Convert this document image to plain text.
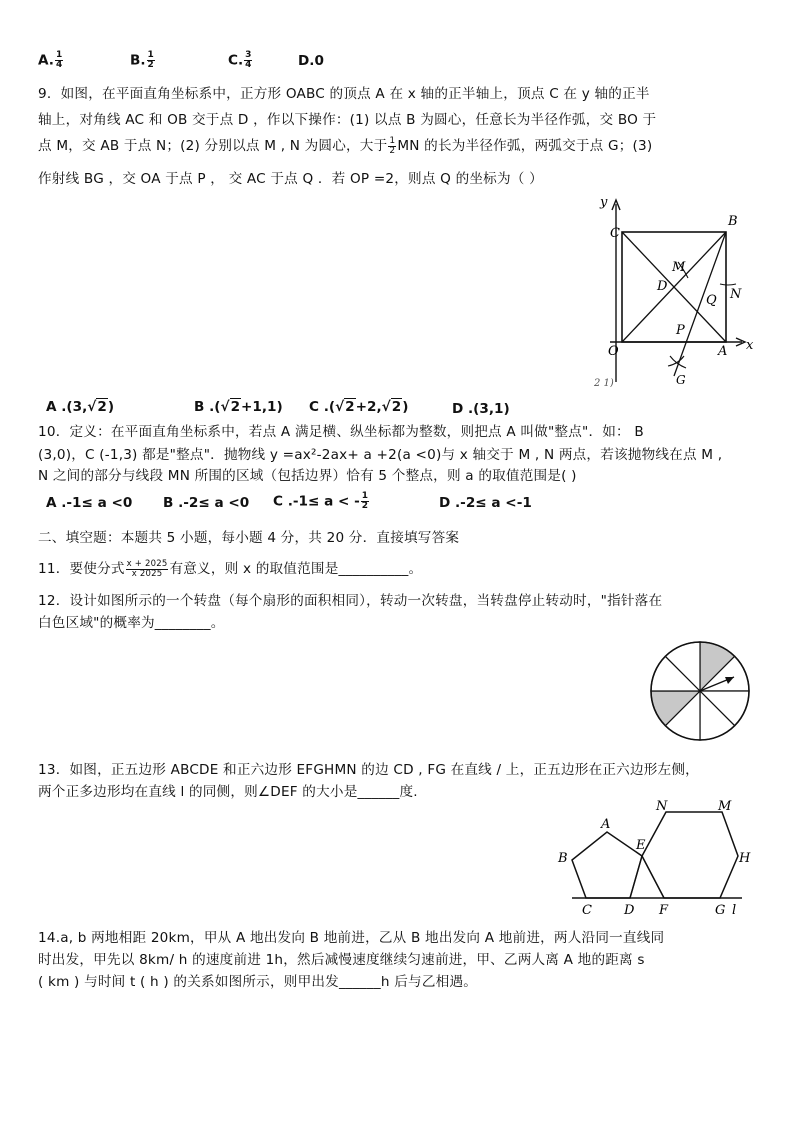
A. $\frac{1}{4}$	B. $\frac{1}{2}$	C. $\frac{3}{4}$	D.0
9．如图，在平面直角坐标系中，正方形 OABC 的顶点 A 在 x 轴的正半轴上，顶点 C 在 y 轴的正半
轴上，对角线 AC 和 OB 交于点 D ，作以下操作：(1) 以点 B 为圆心，任意长为半径作弧，交 BO 于
点 M，交 AB 于点 N；(2) 分别以点 M , N 为圆心，大于 $\frac{1}{2}$ MN 的长为半径作弧，两弧交于点 G；(3)
作射线 BG ，交 OA 于点 P ， 交 AC 于点 Q ．若 OP =2，则点 Q 的坐标为（ ）
y
x
C
B
M
D
N
Q
P
O	A
G
2 1)
A .(3,√2)	B .(√2+1,1) C .(√2+2,√2)	D .(3,1)
10．定义：在平面直角坐标系中，若点 A 满足横、纵坐标都为整数，则把点 A 叫做"整点"．如： B
(3,0)，C (-1,3) 都是"整点"．抛物线 y =ax²-2ax+ a +2(a <0)与 x 轴交于 M , N 两点，若该抛物线在点 M ,
N 之间的部分与线段 MN 所围的区域（包括边界）恰有 5 个整点，则 a 的取值范围是( )
A .-1≤ a <0 B .-2≤ a <0 C .-1≤ a < - $\frac{1}{2}$	D .-2≤ a <-1
二、填空题：本题共 5 小题，每小题 4 分，共 20 分．直接填写答案
11．要使分式 $\frac{x + 2025}{x 2025}$ 有意义，则 x 的取值范围是__________。
12．设计如图所示的一个转盘（每个扇形的面积相同），转动一次转盘，当转盘停止转动时，"指针落在
白色区域"的概率为________。
13．如图，正五边形 ABCDE 和正六边形 EFGHMN 的边 CD , FG 在直线 / 上，正五边形在正六边形左侧，
两个正多边形均在直线 l 的同侧，则∠DEF 的大小是______度.
N	M
A
E
B	H
C D F	G l
14.a, b 两地相距 20km，甲从 A 地出发向 B 地前进，乙从 B 地出发向 A 地前进，两人沿同一直线同
时出发，甲先以 8km/ h 的速度前进 1h，然后减慢速度继续匀速前进，甲、乙两人离 A 地的距离 s
( km ) 与时间 t ( h ) 的关系如图所示，则甲出发______h 后与乙相遇。
